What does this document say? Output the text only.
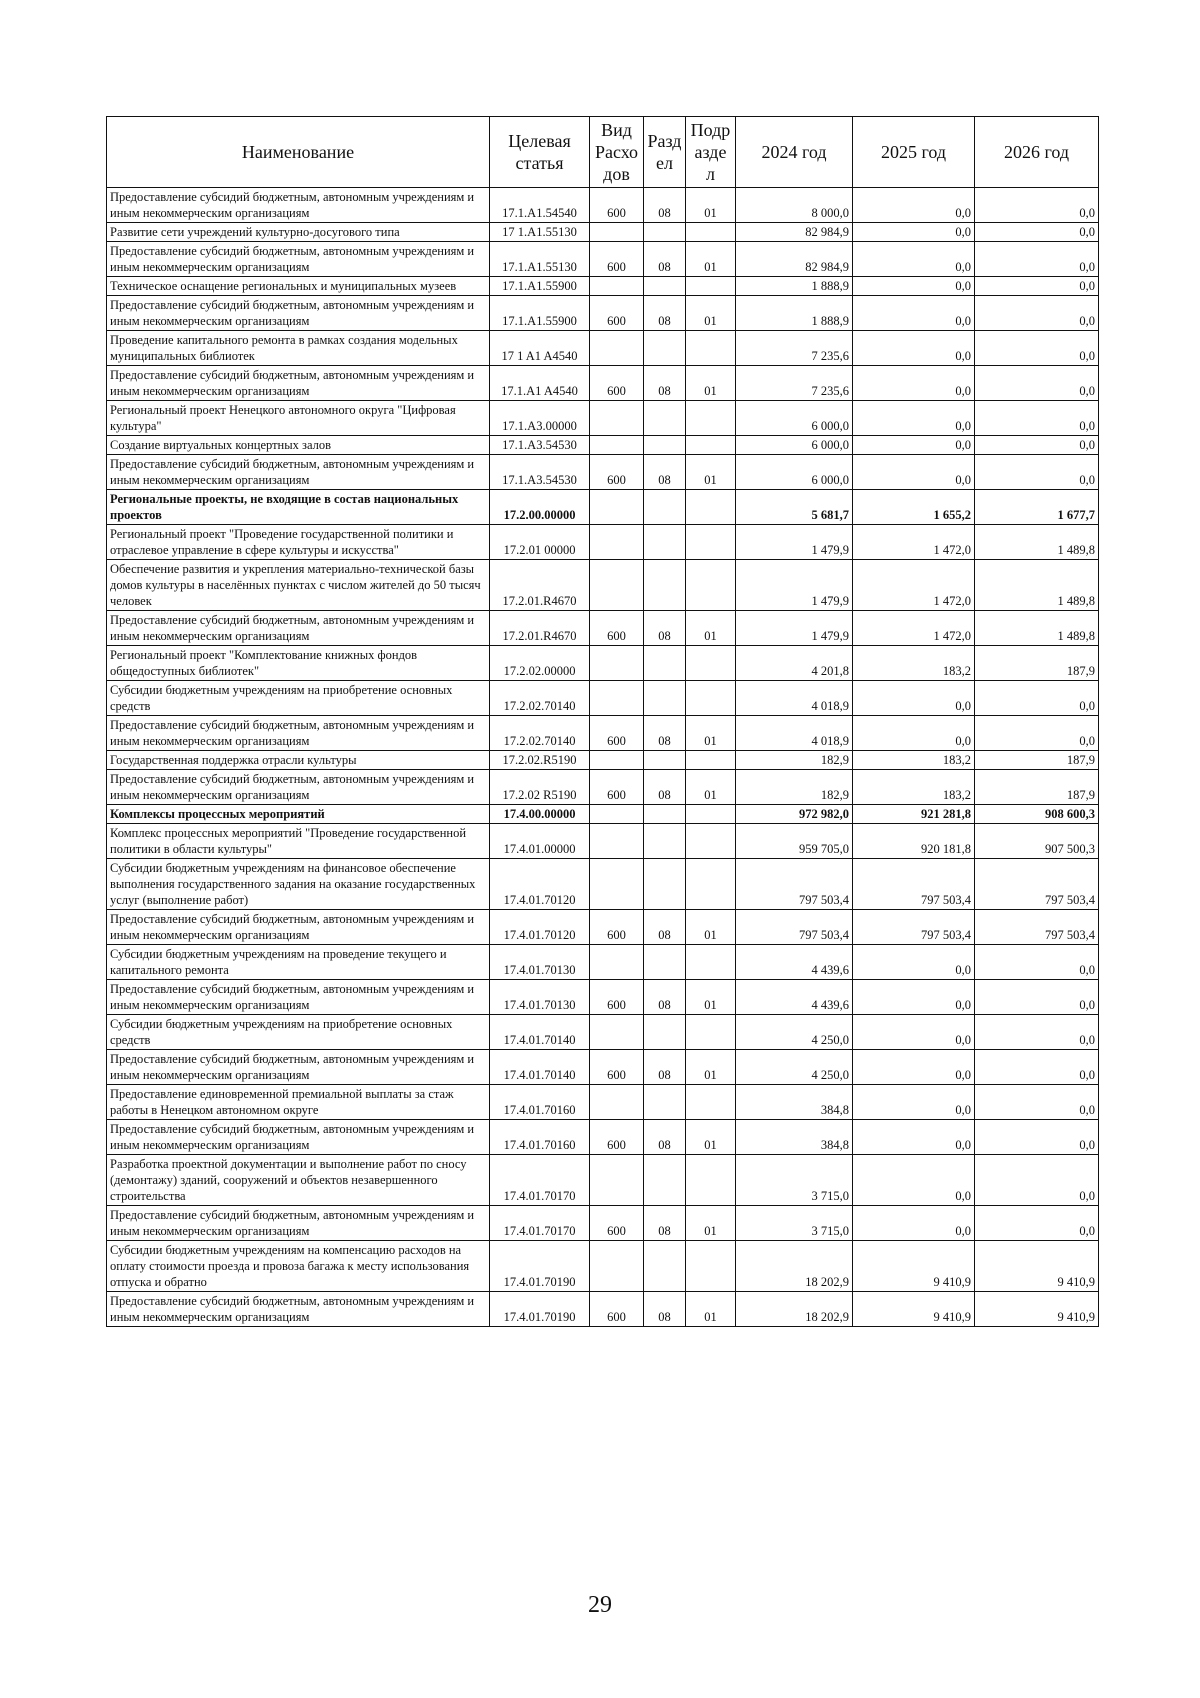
Наименование	Целевая статья	Вид Расхо дов	Разд ел	Подр азде л	2024 год	2025 год	2026 год
Предоставление субсидий бюджетным, автономным учреждениям и иным некоммерческим организациям	17.1.A1.54540	600	08	01	8 000,0	0,0	0,0
Развитие сети учреждений культурно-досугового типа	17 1.A1.55130				82 984,9	0,0	0,0
Предоставление субсидий бюджетным, автономным учреждениям и иным некоммерческим организациям	17.1.A1.55130	600	08	01	82 984,9	0,0	0,0
Техническое оснащение региональных и муниципальных музеев	17.1.A1.55900				1 888,9	0,0	0,0
Предоставление субсидий бюджетным, автономным учреждениям и иным некоммерческим организациям	17.1.A1.55900	600	08	01	1 888,9	0,0	0,0
Проведение капитального ремонта в рамках создания модельных муниципальных библиотек	17 1 A1 A4540				7 235,6	0,0	0,0
Предоставление субсидий бюджетным, автономным учреждениям и иным некоммерческим организациям	17.1.A1 A4540	600	08	01	7 235,6	0,0	0,0
Региональный проект Ненецкого автономного округа "Цифровая культура"	17.1.A3.00000				6 000,0	0,0	0,0
Создание виртуальных концертных залов	17.1.A3.54530				6 000,0	0,0	0,0
Предоставление субсидий бюджетным, автономным учреждениям и иным некоммерческим организациям	17.1.A3.54530	600	08	01	6 000,0	0,0	0,0
Региональные проекты, не входящие в состав национальных проектов	17.2.00.00000				5 681,7	1 655,2	1 677,7
Региональный проект "Проведение государственной политики и отраслевое управление в сфере культуры и искусства"	17.2.01 00000				1 479,9	1 472,0	1 489,8
Обеспечение развития и укрепления материально-технической базы домов культуры в населённых пунктах с числом жителей до 50 тысяч человек	17.2.01.R4670				1 479,9	1 472,0	1 489,8
Предоставление субсидий бюджетным, автономным учреждениям и иным некоммерческим организациям	17.2.01.R4670	600	08	01	1 479,9	1 472,0	1 489,8
Региональный проект "Комплектование книжных фондов общедоступных библиотек"	17.2.02.00000				4 201,8	183,2	187,9
Субсидии бюджетным учреждениям на приобретение основных средств	17.2.02.70140				4 018,9	0,0	0,0
Предоставление субсидий бюджетным, автономным учреждениям и иным некоммерческим организациям	17.2.02.70140	600	08	01	4 018,9	0,0	0,0
Государственная поддержка отрасли культуры	17.2.02.R5190				182,9	183,2	187,9
Предоставление субсидий бюджетным, автономным учреждениям и иным некоммерческим организациям	17.2.02 R5190	600	08	01	182,9	183,2	187,9
Комплексы процессных мероприятий	17.4.00.00000				972 982,0	921 281,8	908 600,3
Комплекс процессных мероприятий "Проведение государственной политики в области культуры"	17.4.01.00000				959 705,0	920 181,8	907 500,3
Субсидии бюджетным учреждениям на финансовое обеспечение выполнения государственного задания на оказание государственных услуг (выполнение работ)	17.4.01.70120				797 503,4	797 503,4	797 503,4
Предоставление субсидий бюджетным, автономным учреждениям и иным некоммерческим организациям	17.4.01.70120	600	08	01	797 503,4	797 503,4	797 503,4
Субсидии бюджетным учреждениям на проведение текущего и капитального ремонта	17.4.01.70130				4 439,6	0,0	0,0
Предоставление субсидий бюджетным, автономным учреждениям и иным некоммерческим организациям	17.4.01.70130	600	08	01	4 439,6	0,0	0,0
Субсидии бюджетным учреждениям на приобретение основных средств	17.4.01.70140				4 250,0	0,0	0,0
Предоставление субсидий бюджетным, автономным учреждениям и иным некоммерческим организациям	17.4.01.70140	600	08	01	4 250,0	0,0	0,0
Предоставление единовременной премиальной выплаты за стаж работы в Ненецком автономном округе	17.4.01.70160				384,8	0,0	0,0
Предоставление субсидий бюджетным, автономным учреждениям и иным некоммерческим организациям	17.4.01.70160	600	08	01	384,8	0,0	0,0
Разработка проектной документации и выполнение работ по сносу (демонтажу) зданий, сооружений и объектов незавершенного строительства	17.4.01.70170				3 715,0	0,0	0,0
Предоставление субсидий бюджетным, автономным учреждениям и иным некоммерческим организациям	17.4.01.70170	600	08	01	3 715,0	0,0	0,0
Субсидии бюджетным учреждениям на компенсацию расходов на оплату стоимости проезда и провоза багажа к месту использования отпуска и обратно	17.4.01.70190				18 202,9	9 410,9	9 410,9
Предоставление субсидий бюджетным, автономным учреждениям и иным некоммерческим организациям	17.4.01.70190	600	08	01	18 202,9	9 410,9	9 410,9
29
